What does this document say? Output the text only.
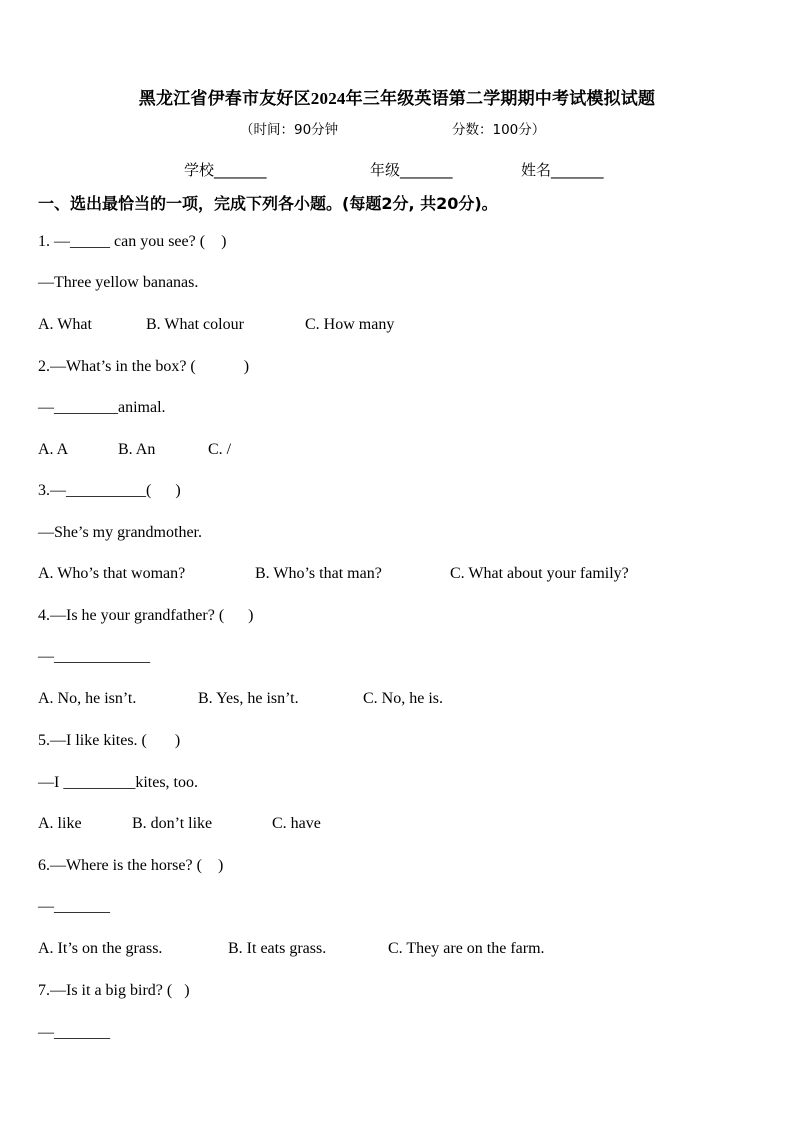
黑龙江省伊春市友好区2024年三年级英语第二学期期中考试模拟试题
（时间：90分钟	分数：100分）
学校_______	年级_______	姓名_______
一、选出最恰当的一项，完成下列各小题。(每题2分, 共20分)。
1. —_____ can you see? (    )
—Three yellow bananas.
A. What	B. What colour	C. How many
2.—What’s in the box? (            )
—________animal.
A. A	B. An	C. /
3.—__________(      )
—She’s my grandmother.
A. Who’s that woman?	B. Who’s that man?	C. What about your family?
4.—Is he your grandfather? (      )
—____________
A. No, he isn’t.	B. Yes, he isn’t.	C. No, he is.
5.—I like kites. (       )
—I _________kites, too.
A. like	B. don’t like	C. have
6.—Where is the horse? (    )
—_______
A. It’s on the grass.	B. It eats grass.	C. They are on the farm.
7.—Is it a big bird? (   )
—_______
